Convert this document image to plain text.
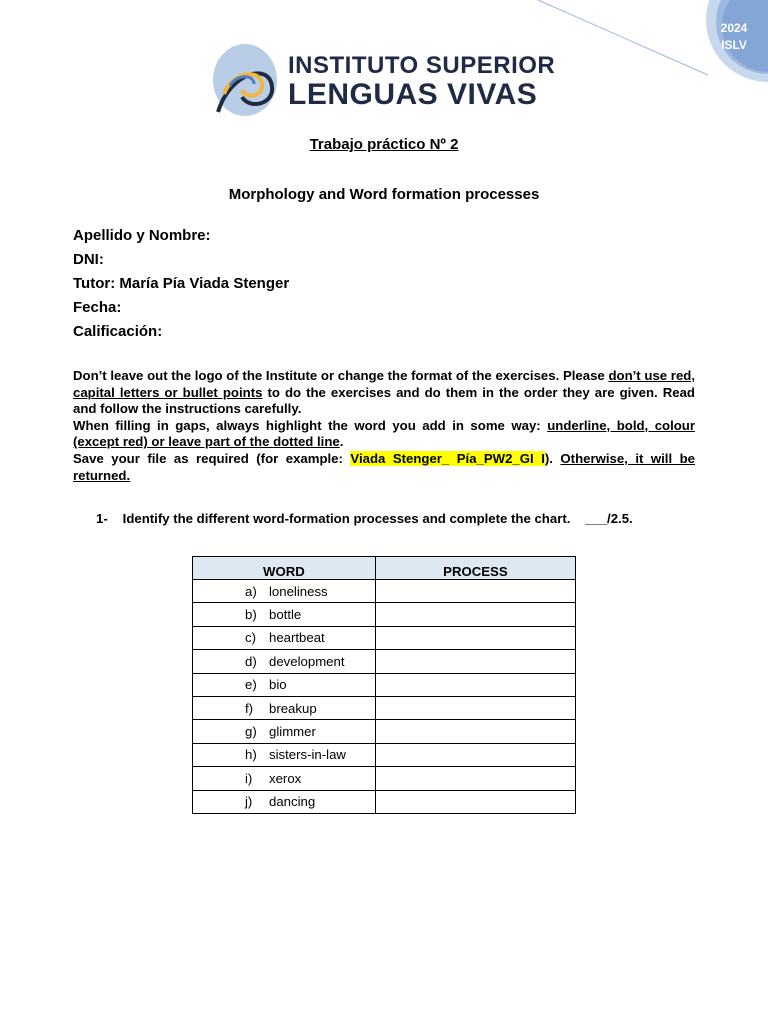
2024
ISLV
INSTITUTO SUPERIOR
LENGUAS VIVAS
Trabajo práctico Nº 2
Morphology and Word formation processes
Apellido y Nombre:
DNI:
Tutor: María Pía Viada Stenger
Fecha:
Calificación:

Don’t leave out the logo of the Institute or change the format of the exercises. Please don’t use red, capital letters or bullet points to do the exercises and do them in the order they are given. Read and follow the instructions carefully.

When filling in gaps, always highlight the word you add in some way: underline, bold, colour (except red) or leave part of the dotted line.

Save your file as required (for example: Viada Stenger_ Pía_PW2_GI I). Otherwise, it will be returned.

1- Identify the different word-formation processes and complete the chart. ___/2.5.
WORD	PROCESS
a) loneliness	
b) bottle	
c) heartbeat	
d) development	
e) bio	
f) breakup	
g) glimmer	
h) sisters-in-law	
i) xerox	
j) dancing	
